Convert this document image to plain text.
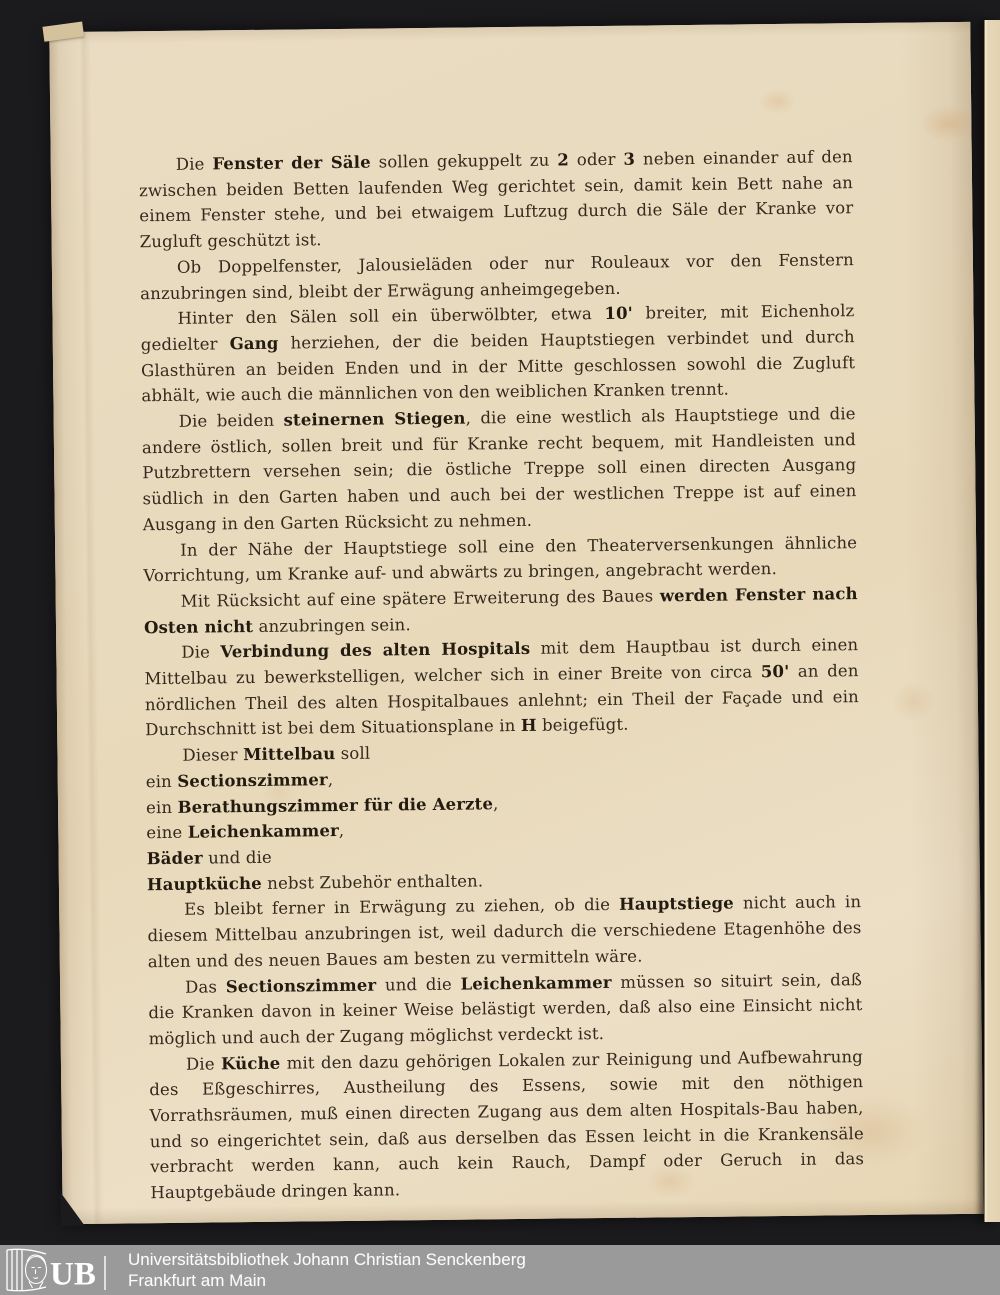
Die Fenster der Säle sollen gekuppelt zu 2 oder 3 neben einander auf den zwischen beiden Betten laufenden Weg gerichtet sein, damit kein Bett nahe an einem Fenster stehe, und bei etwaigem Luftzug durch die Säle der Kranke vor Zugluft geschützt ist.

Ob Doppelfenster, Jalousieläden oder nur Rouleaux vor den Fenstern anzubringen sind, bleibt der Erwägung anheimgegeben.

Hinter den Sälen soll ein überwölbter, etwa 10' breiter, mit Eichenholz gedielter Gang herziehen, der die beiden Hauptstiegen verbindet und durch Glasthüren an beiden Enden und in der Mitte geschlossen sowohl die Zugluft abhält, wie auch die männlichen von den weiblichen Kranken trennt.

Die beiden steinernen Stiegen, die eine westlich als Hauptstiege und die andere östlich, sollen breit und für Kranke recht bequem, mit Handleisten und Putzbrettern versehen sein; die östliche Treppe soll einen directen Ausgang südlich in den Garten haben und auch bei der westlichen Treppe ist auf einen Ausgang in den Garten Rücksicht zu nehmen.

In der Nähe der Hauptstiege soll eine den Theaterversenkungen ähnliche Vorrichtung, um Kranke auf- und abwärts zu bringen, angebracht werden.

Mit Rücksicht auf eine spätere Erweiterung des Baues werden Fenster nach Osten nicht anzubringen sein.

Die Verbindung des alten Hospitals mit dem Hauptbau ist durch einen Mittelbau zu bewerkstelligen, welcher sich in einer Breite von circa 50' an den nördlichen Theil des alten Hospitalbaues anlehnt; ein Theil der Façade und ein Durchschnitt ist bei dem Situationsplane in H beigefügt.

Dieser Mittelbau soll

ein Sectionszimmer,

ein Berathungszimmer für die Aerzte,

eine Leichenkammer,

Bäder und die

Hauptküche nebst Zubehör enthalten.

Es bleibt ferner in Erwägung zu ziehen, ob die Hauptstiege nicht auch in diesem Mittelbau anzubringen ist, weil dadurch die verschiedene Etagenhöhe des alten und des neuen Baues am besten zu vermitteln wäre.

Das Sectionszimmer und die Leichenkammer müssen so situirt sein, daß die Kranken davon in keiner Weise belästigt werden, daß also eine Einsicht nicht möglich und auch der Zugang möglichst verdeckt ist.

Die Küche mit den dazu gehörigen Lokalen zur Reinigung und Aufbewahrung des Eßgeschirres, Austheilung des Essens, sowie mit den nöthigen Vorrathsräumen, muß einen directen Zugang aus dem alten Hospitals-Bau haben, und so eingerichtet sein, daß aus derselben das Essen leicht in die Krankensäle verbracht werden kann, auch kein Rauch, Dampf oder Geruch in das Hauptgebäude dringen kann.

UB Universitätsbibliothek Johann Christian Senckenberg
Frankfurt am Main
